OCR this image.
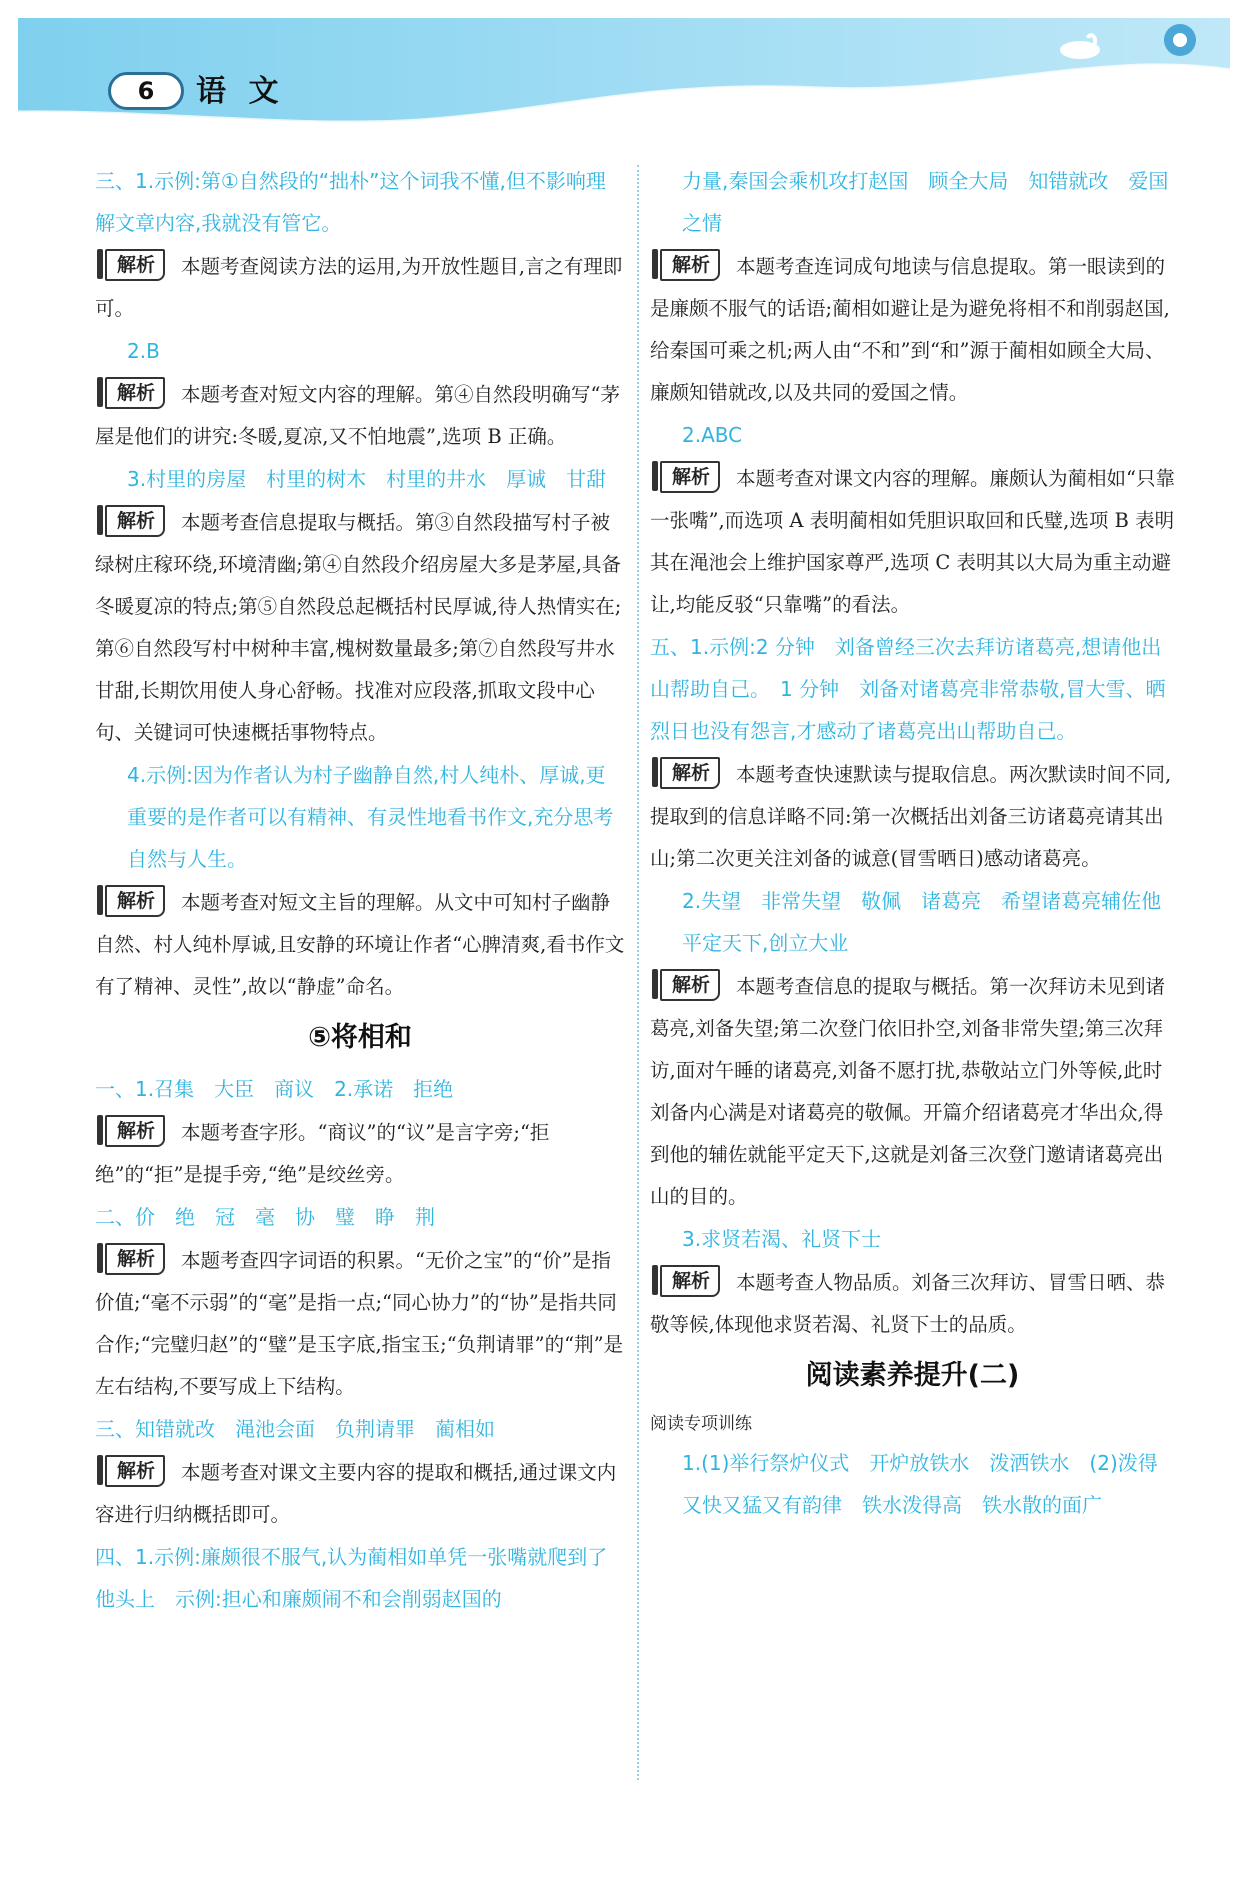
6	语 文
三、1.示例:第①自然段的“拙朴”这个词我不懂,但不影响理解文章内容,我就没有管它。
解析 本题考查阅读方法的运用,为开放性题目,言之有理即可。
2.B
解析 本题考查对短文内容的理解。第④自然段明确写“茅屋是他们的讲究:冬暖,夏凉,又不怕地震”,选项 B 正确。
3.村里的房屋　村里的树木　村里的井水　厚诚　甘甜
解析 本题考查信息提取与概括。第③自然段描写村子被绿树庄稼环绕,环境清幽;第④自然段介绍房屋大多是茅屋,具备冬暖夏凉的特点;第⑤自然段总起概括村民厚诚,待人热情实在;第⑥自然段写村中树种丰富,槐树数量最多;第⑦自然段写井水甘甜,长期饮用使人身心舒畅。找准对应段落,抓取文段中心句、关键词可快速概括事物特点。
4.示例:因为作者认为村子幽静自然,村人纯朴、厚诚,更重要的是作者可以有精神、有灵性地看书作文,充分思考自然与人生。
解析 本题考查对短文主旨的理解。从文中可知村子幽静自然、村人纯朴厚诚,且安静的环境让作者“心脾清爽,看书作文有了精神、灵性”,故以“静虚”命名。
⑤将相和
一、1.召集　大臣　商议　2.承诺　拒绝
解析 本题考查字形。“商议”的“议”是言字旁;“拒绝”的“拒”是提手旁,“绝”是绞丝旁。
二、价　绝　冠　毫　协　璧　睁　荆
解析 本题考查四字词语的积累。“无价之宝”的“价”是指价值;“毫不示弱”的“毫”是指一点;“同心协力”的“协”是指共同合作;“完璧归赵”的“璧”是玉字底,指宝玉;“负荆请罪”的“荆”是左右结构,不要写成上下结构。
三、知错就改　渑池会面　负荆请罪　蔺相如
解析 本题考查对课文主要内容的提取和概括,通过课文内容进行归纳概括即可。
四、1.示例:廉颇很不服气,认为蔺相如单凭一张嘴就爬到了他头上　示例:担心和廉颇闹不和会削弱赵国的
力量,秦国会乘机攻打赵国　顾全大局　知错就改　爱国之情
解析 本题考查连词成句地读与信息提取。第一眼读到的是廉颇不服气的话语;蔺相如避让是为避免将相不和削弱赵国,给秦国可乘之机;两人由“不和”到“和”源于蔺相如顾全大局、廉颇知错就改,以及共同的爱国之情。
2.ABC
解析 本题考查对课文内容的理解。廉颇认为蔺相如“只靠一张嘴”,而选项 A 表明蔺相如凭胆识取回和氏璧,选项 B 表明其在渑池会上维护国家尊严,选项 C 表明其以大局为重主动避让,均能反驳“只靠嘴”的看法。
五、1.示例:2 分钟　刘备曾经三次去拜访诸葛亮,想请他出山帮助自己。　1 分钟　刘备对诸葛亮非常恭敬,冒大雪、晒烈日也没有怨言,才感动了诸葛亮出山帮助自己。
解析 本题考查快速默读与提取信息。两次默读时间不同,提取到的信息详略不同:第一次概括出刘备三访诸葛亮请其出山;第二次更关注刘备的诚意(冒雪晒日)感动诸葛亮。
2.失望　非常失望　敬佩　诸葛亮　希望诸葛亮辅佐他平定天下,创立大业
解析 本题考查信息的提取与概括。第一次拜访未见到诸葛亮,刘备失望;第二次登门依旧扑空,刘备非常失望;第三次拜访,面对午睡的诸葛亮,刘备不愿打扰,恭敬站立门外等候,此时刘备内心满是对诸葛亮的敬佩。开篇介绍诸葛亮才华出众,得到他的辅佐就能平定天下,这就是刘备三次登门邀请诸葛亮出山的目的。
3.求贤若渴、礼贤下士
解析 本题考查人物品质。刘备三次拜访、冒雪日晒、恭敬等候,体现他求贤若渴、礼贤下士的品质。
阅读素养提升(二)
阅读专项训练
1.(1)举行祭炉仪式　开炉放铁水　泼洒铁水　(2)泼得又快又猛又有韵律　铁水泼得高　铁水散的面广
